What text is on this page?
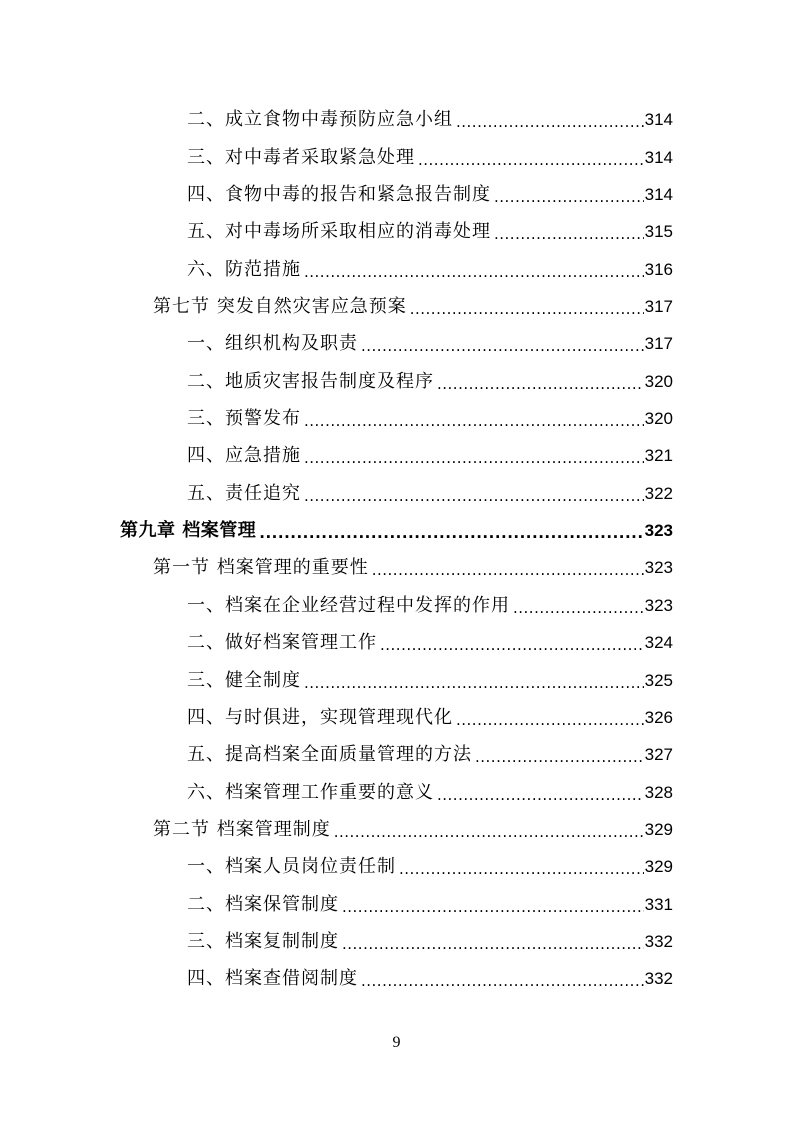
二、成立食物中毒预防应急小组 .....	314
三、对中毒者采取紧急处理 .....	314
四、食物中毒的报告和紧急报告制度 .....	314
五、对中毒场所采取相应的消毒处理 .....	315
六、防范措施 .....	316
第七节 突发自然灾害应急预案 .....	317
一、组织机构及职责 .....	317
二、地质灾害报告制度及程序 .....	320
三、预警发布 .....	320
四、应急措施 .....	321
五、责任追究 .....	322
第九章 档案管理 .....	323
第一节 档案管理的重要性 .....	323
一、档案在企业经营过程中发挥的作用 .....	323
二、做好档案管理工作 .....	324
三、健全制度 .....	325
四、与时俱进，实现管理现代化 .....	326
五、提高档案全面质量管理的方法 .....	327
六、档案管理工作重要的意义 .....	328
第二节 档案管理制度 .....	329
一、档案人员岗位责任制 .....	329
二、档案保管制度 .....	331
三、档案复制制度 .....	332
四、档案查借阅制度 .....	332
9
